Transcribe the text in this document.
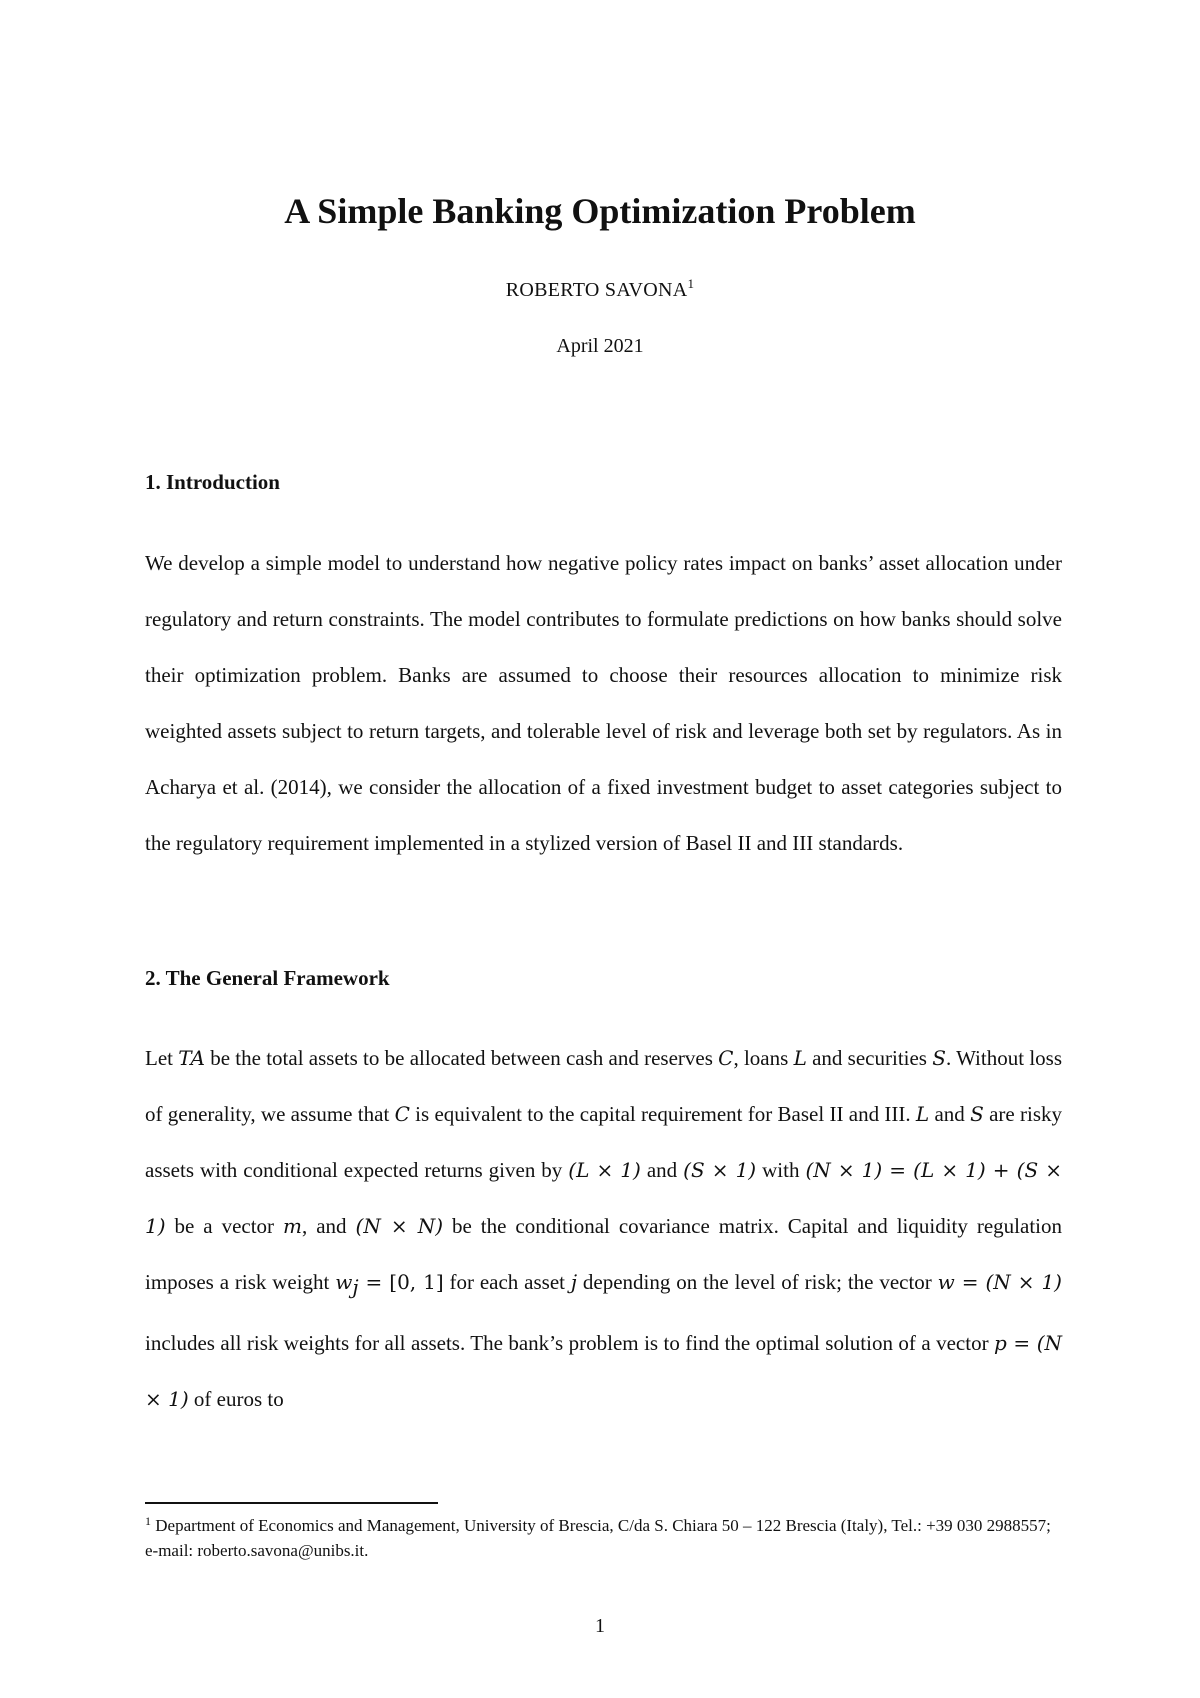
A Simple Banking Optimization Problem
ROBERTO SAVONA$^1$
April 2021
1. Introduction

We develop a simple model to understand how negative policy rates impact on banks’ asset allocation under regulatory and return constraints. The model contributes to formulate predictions on how banks should solve their optimization problem. Banks are assumed to choose their resources allocation to minimize risk weighted assets subject to return targets, and tolerable level of risk and leverage both set by regulators. As in Acharya et al. (2014), we consider the allocation of a fixed investment budget to asset categories subject to the regulatory requirement implemented in a stylized version of Basel II and III standards.

2. The General Framework

Let TA be the total assets to be allocated between cash and reserves C, loans L and securities S. Without loss of generality, we assume that C is equivalent to the capital requirement for Basel II and III. L and S are risky assets with conditional expected returns given by (L × 1) and (S × 1) with (N × 1) = (L × 1) + (S × 1) be a vector m, and (N × N) be the conditional covariance matrix. Capital and liquidity regulation imposes a risk weight $w_j = [0$, 1] for each asset j depending on the level of risk; the vector w = (N × 1) includes all risk weights for all assets. The bank’s problem is to find the optimal solution of a vector p = (N × 1) of euros to

$^1$ Department of Economics and Management, University of Brescia, C/da S. Chiara 50 – 122 Brescia (Italy), Tel.: +39 030 2988557; e-mail: roberto.savona@unibs.it.
1
